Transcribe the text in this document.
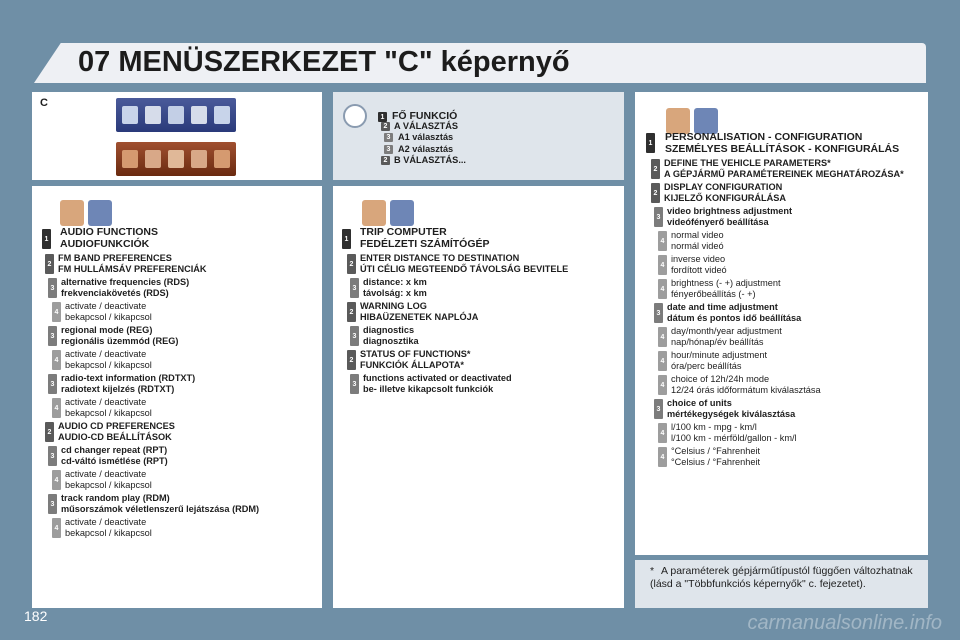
07 MENÜSZERKEZET "C" képernyő
C
1 FŐ FUNKCIÓ
2 A VÁLASZTÁS
3 A1 választás
3 A2 választás
2 B VÁLASZTÁS...
1
AUDIO FUNCTIONS
AUDIOFUNKCIÓK
2
FM BAND PREFERENCES
FM HULLÁMSÁV PREFERENCIÁK
3
alternative frequencies (RDS)
frekvenciakövetés (RDS)
4
activate / deactivate
bekapcsol / kikapcsol
3
regional mode (REG)
regionális üzemmód (REG)
4
activate / deactivate
bekapcsol / kikapcsol
3
radio-text information (RDTXT)
radiotext kijelzés (RDTXT)
4
activate / deactivate
bekapcsol / kikapcsol
2
AUDIO CD PREFERENCES
AUDIO-CD BEÁLLÍTÁSOK
3
cd changer repeat (RPT)
cd-váltó ismétlése (RPT)
4
activate / deactivate
bekapcsol / kikapcsol
3
track random play (RDM)
műsorszámok véletlenszerű lejátszása (RDM)
4
activate / deactivate
bekapcsol / kikapcsol
1
TRIP COMPUTER
FEDÉLZETI SZÁMÍTÓGÉP
2
ENTER DISTANCE TO DESTINATION
ÚTI CÉLIG MEGTEENDŐ TÁVOLSÁG BEVITELE
3
distance: x km
távolság: x km
2
WARNING LOG
HIBAÜZENETEK NAPLÓJA
3
diagnostics
diagnosztika
2
STATUS OF FUNCTIONS*
FUNKCIÓK ÁLLAPOTA*
3
functions activated or deactivated
be- illetve kikapcsolt funkciók
1 PERSONALISATION - CONFIGURATION
SZEMÉLYES BEÁLLÍTÁSOK - KONFIGURÁLÁS
2
DEFINE THE VEHICLE PARAMETERS*
A GÉPJÁRMŰ PARAMÉTEREINEK MEGHATÁROZÁSA*
2
DISPLAY CONFIGURATION
KIJELZŐ KONFIGURÁLÁSA
3
video brightness adjustment
videófényerő beállítása
4
normal video
normál videó
4
inverse video
fordított videó
4
brightness (- +) adjustment
fényerőbeállítás (- +)
3
date and time adjustment
dátum és pontos idő beállítása
4
day/month/year adjustment
nap/hónap/év beállítás
4
hour/minute adjustment
óra/perc beállítás
4
choice of 12h/24h mode
12/24 órás időformátum kiválasztása
3
choice of units
mértékegységek kiválasztása
4
l/100 km - mpg - km/l
l/100 km - mérföld/gallon - km/l
4
°Celsius / °Fahrenheit
°Celsius / °Fahrenheit
* A paraméterek gépjárműtípustól függően változhatnak (lásd a "Többfunkciós képernyők" c. fejezetet).
182	carmanualsonline.info
